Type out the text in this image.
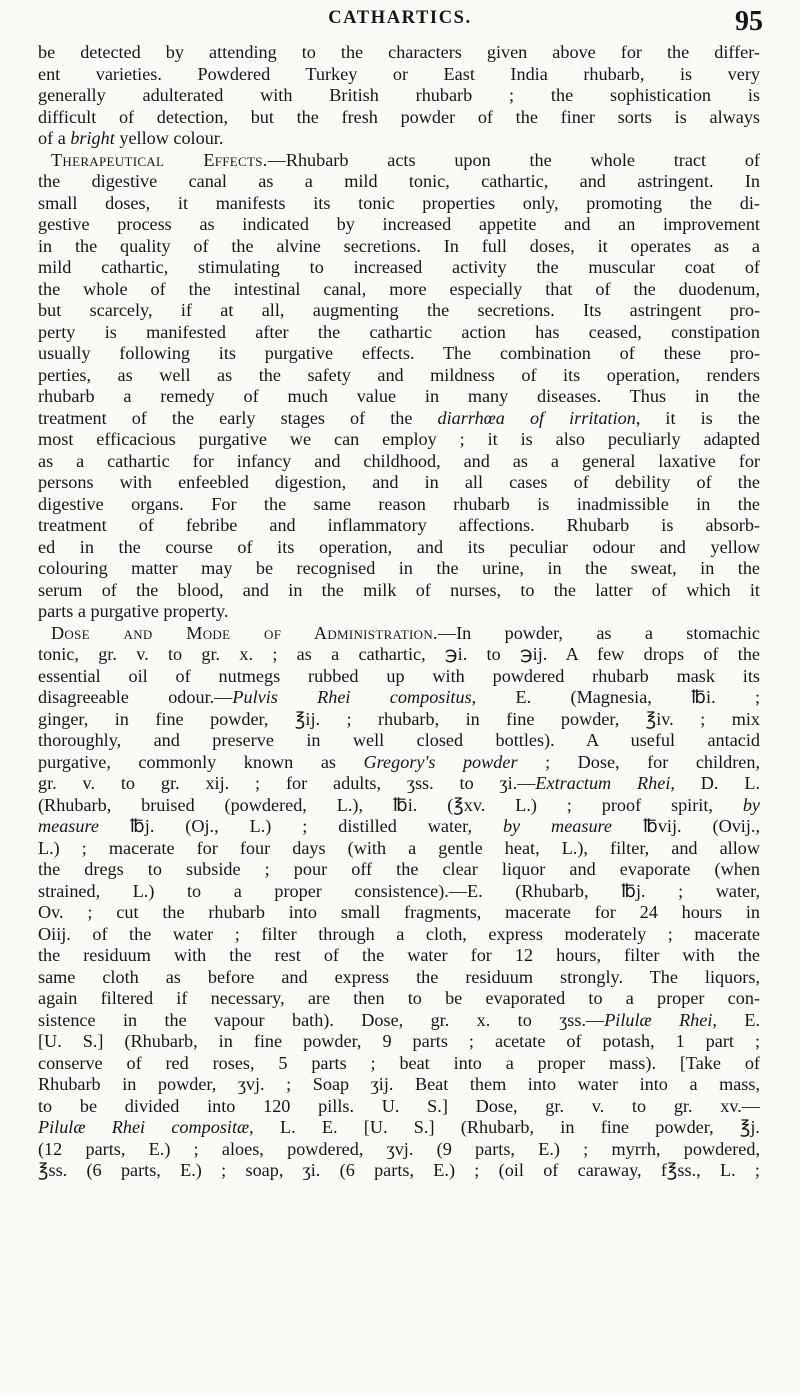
CATHARTICS.	95
be detected by attending to the characters given above for the differ-
ent varieties. Powdered Turkey or East India rhubarb, is very
generally adulterated with British rhubarb ; the sophistication is
difficult of detection, but the fresh powder of the finer sorts is always
of a bright yellow colour.
Therapeutical Effects.—Rhubarb acts upon the whole tract of
the digestive canal as a mild tonic, cathartic, and astringent. In
small doses, it manifests its tonic properties only, promoting the di-
gestive process as indicated by increased appetite and an improvement
in the quality of the alvine secretions. In full doses, it operates as a
mild cathartic, stimulating to increased activity the muscular coat of
the whole of the intestinal canal, more especially that of the duodenum,
but scarcely, if at all, augmenting the secretions. Its astringent pro-
perty is manifested after the cathartic action has ceased, constipation
usually following its purgative effects. The combination of these pro-
perties, as well as the safety and mildness of its operation, renders
rhubarb a remedy of much value in many diseases. Thus in the
treatment of the early stages of the diarrhœa of irritation, it is the
most efficacious purgative we can employ ; it is also peculiarly adapted
as a cathartic for infancy and childhood, and as a general laxative for
persons with enfeebled digestion, and in all cases of debility of the
digestive organs. For the same reason rhubarb is inadmissible in the
treatment of febribe and inflammatory affections. Rhubarb is absorb-
ed in the course of its operation, and its peculiar odour and yellow
colouring matter may be recognised in the urine, in the sweat, in the
serum of the blood, and in the milk of nurses, to the latter of which it
parts a purgative property.
Dose and Mode of Administration.—In powder, as a stomachic
tonic, gr. v. to gr. x. ; as a cathartic, ℈i. to ℈ij. A few drops of the
essential oil of nutmegs rubbed up with powdered rhubarb mask its
disagreeable odour.—Pulvis Rhei compositus, E. (Magnesia, ℔i. ;
ginger, in fine powder, ℥ij. ; rhubarb, in fine powder, ℥iv. ; mix
thoroughly, and preserve in well closed bottles). A useful antacid
purgative, commonly known as Gregory's powder ; Dose, for children,
gr. v. to gr. xij. ; for adults, ʒss. to ʒi.—Extractum Rhei, D. L.
(Rhubarb, bruised (powdered, L.), ℔i. (℥xv. L.) ; proof spirit, by
measure ℔j. (Oj., L.) ; distilled water, by measure ℔vij. (Ovij.,
L.) ; macerate for four days (with a gentle heat, L.), filter, and allow
the dregs to subside ; pour off the clear liquor and evaporate (when
strained, L.) to a proper consistence).—E. (Rhubarb, ℔j. ; water,
Ov. ; cut the rhubarb into small fragments, macerate for 24 hours in
Oiij. of the water ; filter through a cloth, express moderately ; macerate
the residuum with the rest of the water for 12 hours, filter with the
same cloth as before and express the residuum strongly. The liquors,
again filtered if necessary, are then to be evaporated to a proper con-
sistence in the vapour bath). Dose, gr. x. to ʒss.—Pilulæ Rhei, E.
[U. S.] (Rhubarb, in fine powder, 9 parts ; acetate of potash, 1 part ;
conserve of red roses, 5 parts ; beat into a proper mass). [Take of
Rhubarb in powder, ʒvj. ; Soap ʒij. Beat them into water into a mass,
to be divided into 120 pills. U. S.] Dose, gr. v. to gr. xv.—
Pilulæ Rhei compositæ, L. E. [U. S.] (Rhubarb, in fine powder, ℥j.
(12 parts, E.) ; aloes, powdered, ʒvj. (9 parts, E.) ; myrrh, powdered,
℥ss. (6 parts, E.) ; soap, ʒi. (6 parts, E.) ; (oil of caraway, f℥ss., L. ;
